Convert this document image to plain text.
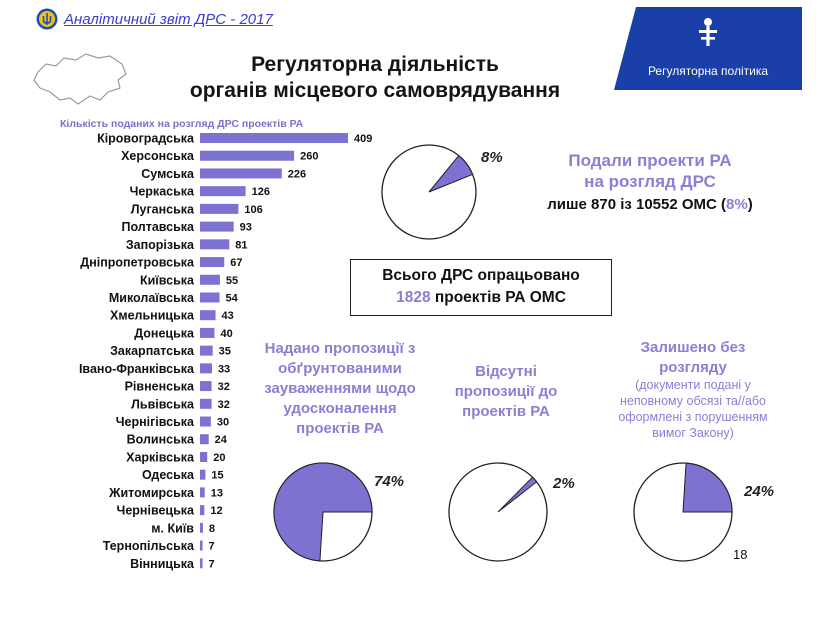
Аналітичний звіт ДРС - 2017
Регуляторна політика
Регуляторна діяльність
органів місцевого самоврядування
Кількість поданих на розгляд ДРС проектів РА
Кіровоградська	409
Херсонська	260
Сумська	226
Черкаська	126
Луганська	106
Полтавська	93
Запорізька	81
Дніпропетровська	67
Київська	55
Миколаївська	54
Хмельницька	43
Донецька 40
Закарпатська 35
Івано-Франківська 33
Рівненська 32
Львівська 32
Чернігівська 30
Волинська 24
Харківська 20
Одеська 15
Житомирська 13
Чернівецька 12
м. Київ 8
Тернопільська 7
Вінницька 7
8%	Подали проекти РА
на розгляд ДРС
лише 870 із 10552 ОМС (8%)
Всього ДРС опрацьовано
1828 проектів РА ОМС
Надано пропозиції з
обґрунтованими
зауваженнями щодо
удосконалення
проектів РА
Відсутні
пропозиції до
проектів РА
Залишено без
розгляду
(документи подані у
неповному обсязі та//або
оформлені з порушенням
вимог Закону)
74%	2%	24%
18
